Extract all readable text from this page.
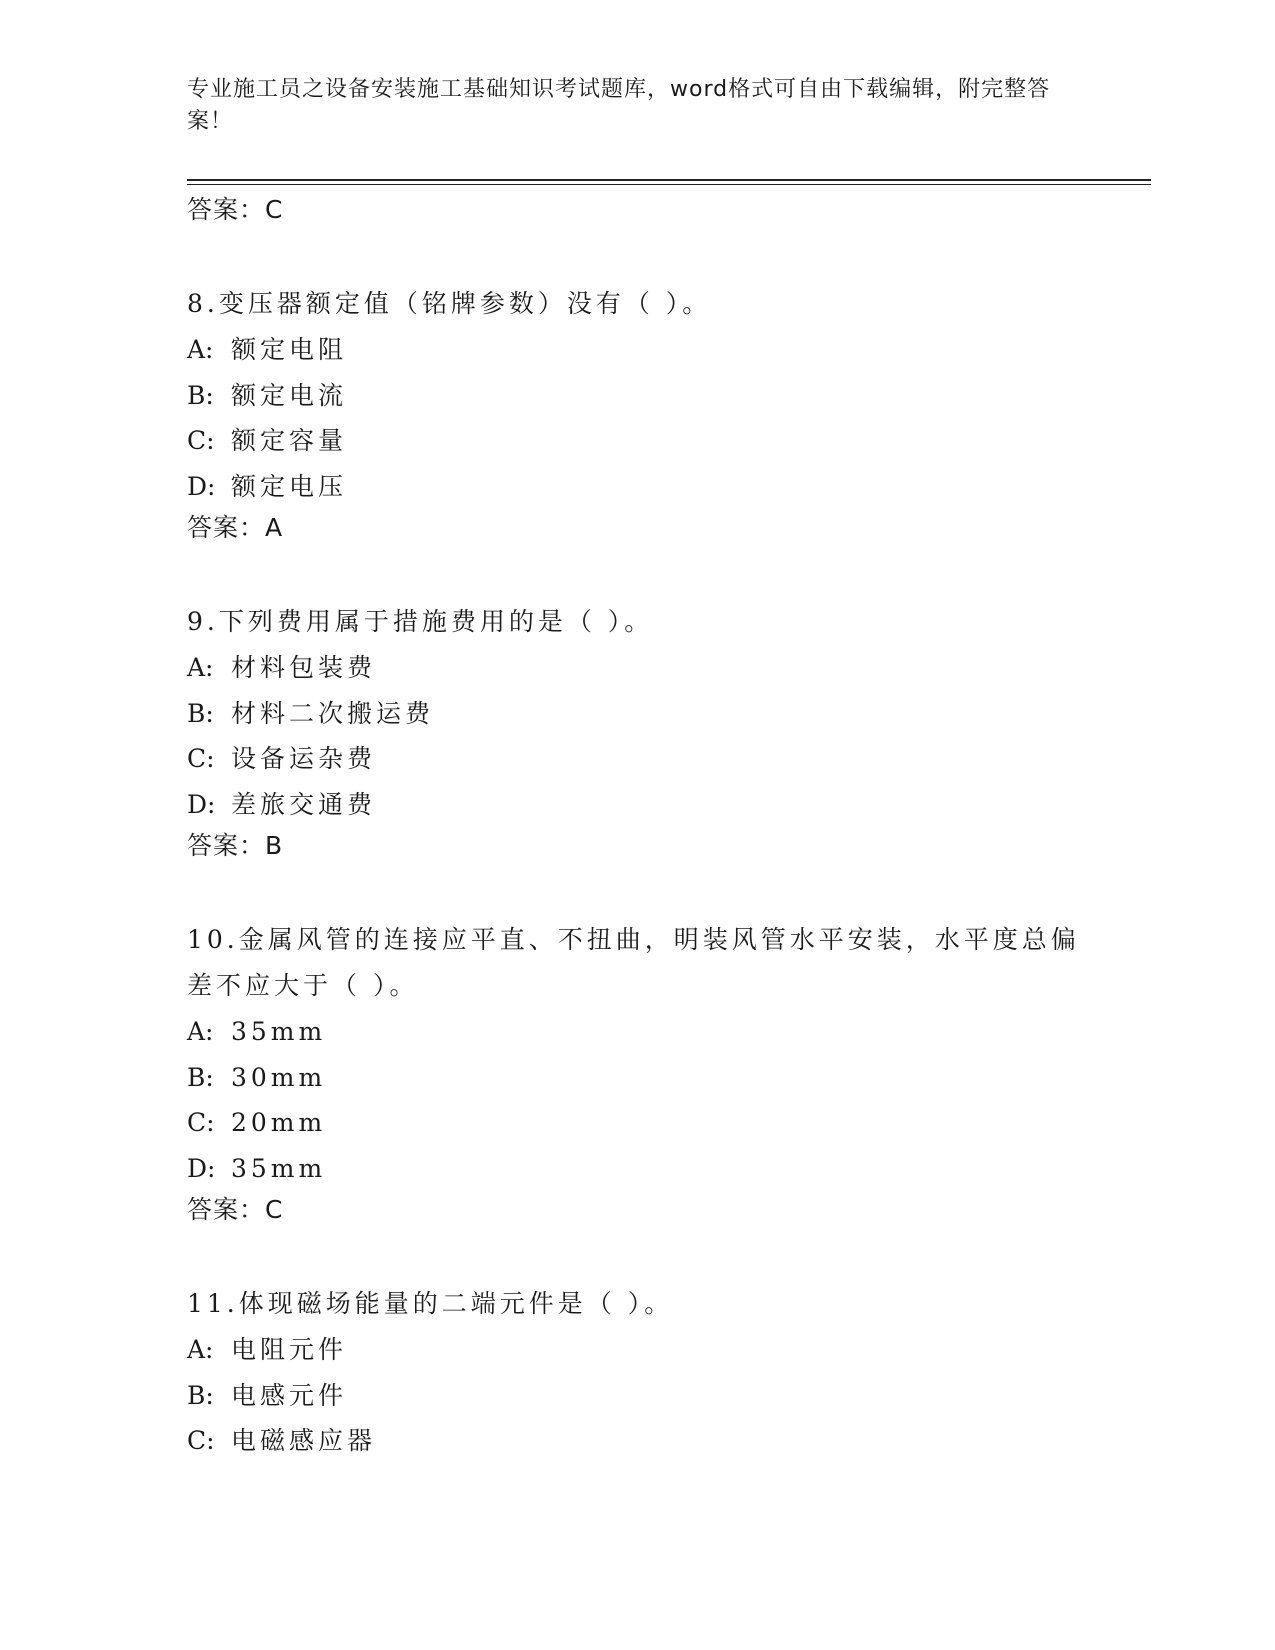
专业施工员之设备安装施工基础知识考试题库，word格式可自由下载编辑，附完整答案！
答案：C
8.变压器额定值（铭牌参数）没有（ ）。
A: 额定电阻
B: 额定电流
C: 额定容量
D: 额定电压
答案：A
9.下列费用属于措施费用的是（ ）。
A: 材料包装费
B: 材料二次搬运费
C: 设备运杂费
D: 差旅交通费
答案：B
10.金属风管的连接应平直、不扭曲，明装风管水平安装，水平度总偏差不应大于（ ）。
A: 35mm
B: 30mm
C: 20mm
D: 35mm
答案：C
11.体现磁场能量的二端元件是（ ）。
A: 电阻元件
B: 电感元件
C: 电磁感应器
